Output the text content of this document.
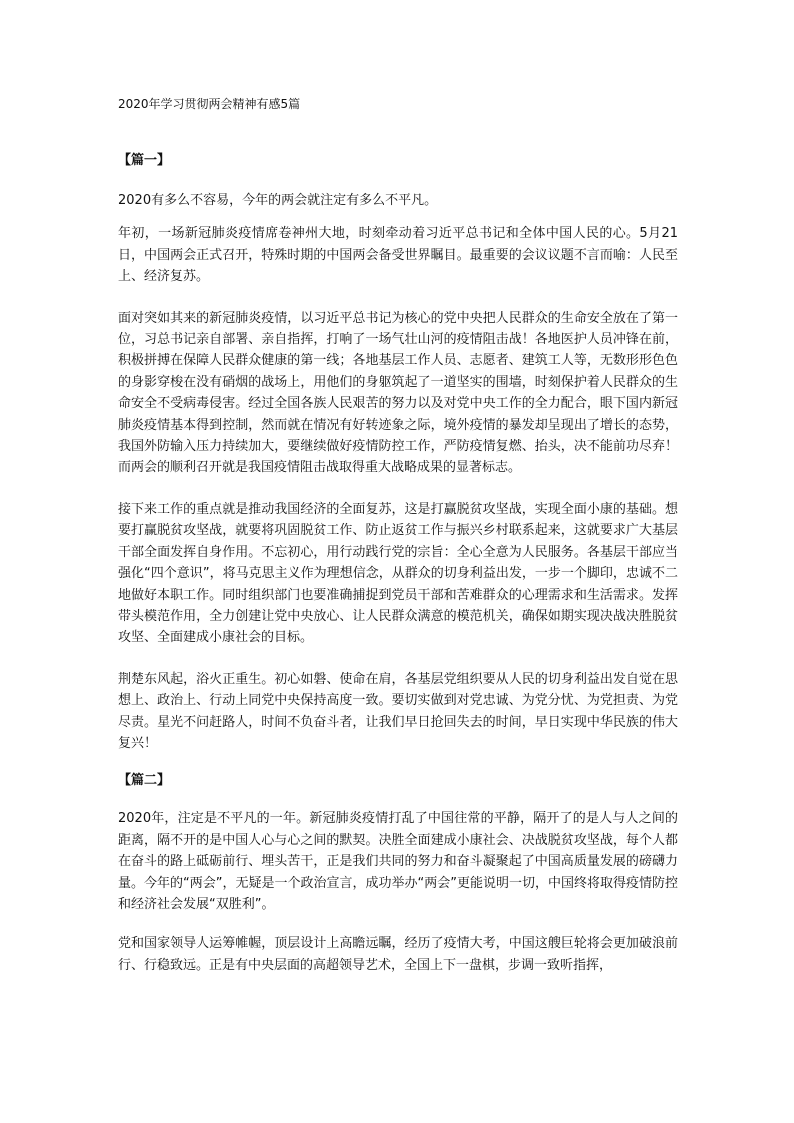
2020年学习贯彻两会精神有感5篇
【篇一】

2020有多么不容易，今年的两会就注定有多么不平凡。

年初，一场新冠肺炎疫情席卷神州大地，时刻牵动着习近平总书记和全体中国人民的心。5月21日，中国两会正式召开，特殊时期的中国两会备受世界瞩目。最重要的会议议题不言而喻：人民至上、经济复苏。

面对突如其来的新冠肺炎疫情，以习近平总书记为核心的党中央把人民群众的生命安全放在了第一位，习总书记亲自部署、亲自指挥，打响了一场气壮山河的疫情阻击战！各地医护人员冲锋在前，积极拼搏在保障人民群众健康的第一线；各地基层工作人员、志愿者、建筑工人等，无数形形色色的身影穿梭在没有硝烟的战场上，用他们的身躯筑起了一道坚实的围墙，时刻保护着人民群众的生命安全不受病毒侵害。经过全国各族人民艰苦的努力以及对党中央工作的全力配合，眼下国内新冠肺炎疫情基本得到控制，然而就在情况有好转迹象之际，境外疫情的暴发却呈现出了增长的态势，我国外防输入压力持续加大，要继续做好疫情防控工作，严防疫情复燃、抬头，决不能前功尽弃！而两会的顺利召开就是我国疫情阻击战取得重大战略成果的显著标志。

接下来工作的重点就是推动我国经济的全面复苏，这是打赢脱贫攻坚战，实现全面小康的基础。想要打赢脱贫攻坚战，就要将巩固脱贫工作、防止返贫工作与振兴乡村联系起来，这就要求广大基层干部全面发挥自身作用。不忘初心，用行动践行党的宗旨：全心全意为人民服务。各基层干部应当强化“四个意识”，将马克思主义作为理想信念，从群众的切身利益出发，一步一个脚印，忠诚不二地做好本职工作。同时组织部门也要准确捕捉到党员干部和苦难群众的心理需求和生活需求。发挥带头模范作用，全力创建让党中央放心、让人民群众满意的模范机关，确保如期实现决战决胜脱贫攻坚、全面建成小康社会的目标。

荆楚东风起，浴火正重生。初心如磐、使命在肩，各基层党组织要从人民的切身利益出发自觉在思想上、政治上、行动上同党中央保持高度一致。要切实做到对党忠诚、为党分忧、为党担责、为党尽责。星光不问赶路人，时间不负奋斗者，让我们早日抢回失去的时间，早日实现中华民族的伟大复兴！

【篇二】

2020年，注定是不平凡的一年。新冠肺炎疫情打乱了中国往常的平静，隔开了的是人与人之间的距离，隔不开的是中国人心与心之间的默契。决胜全面建成小康社会、决战脱贫攻坚战，每个人都在奋斗的路上砥砺前行、埋头苦干，正是我们共同的努力和奋斗凝聚起了中国高质量发展的磅礴力量。今年的“两会”，无疑是一个政治宣言，成功举办“两会”更能说明一切，中国终将取得疫情防控和经济社会发展“双胜利”。

党和国家领导人运筹帷幄，顶层设计上高瞻远瞩，经历了疫情大考，中国这艘巨轮将会更加破浪前行、行稳致远。正是有中央层面的高超领导艺术，全国上下一盘棋，步调一致听指挥，
